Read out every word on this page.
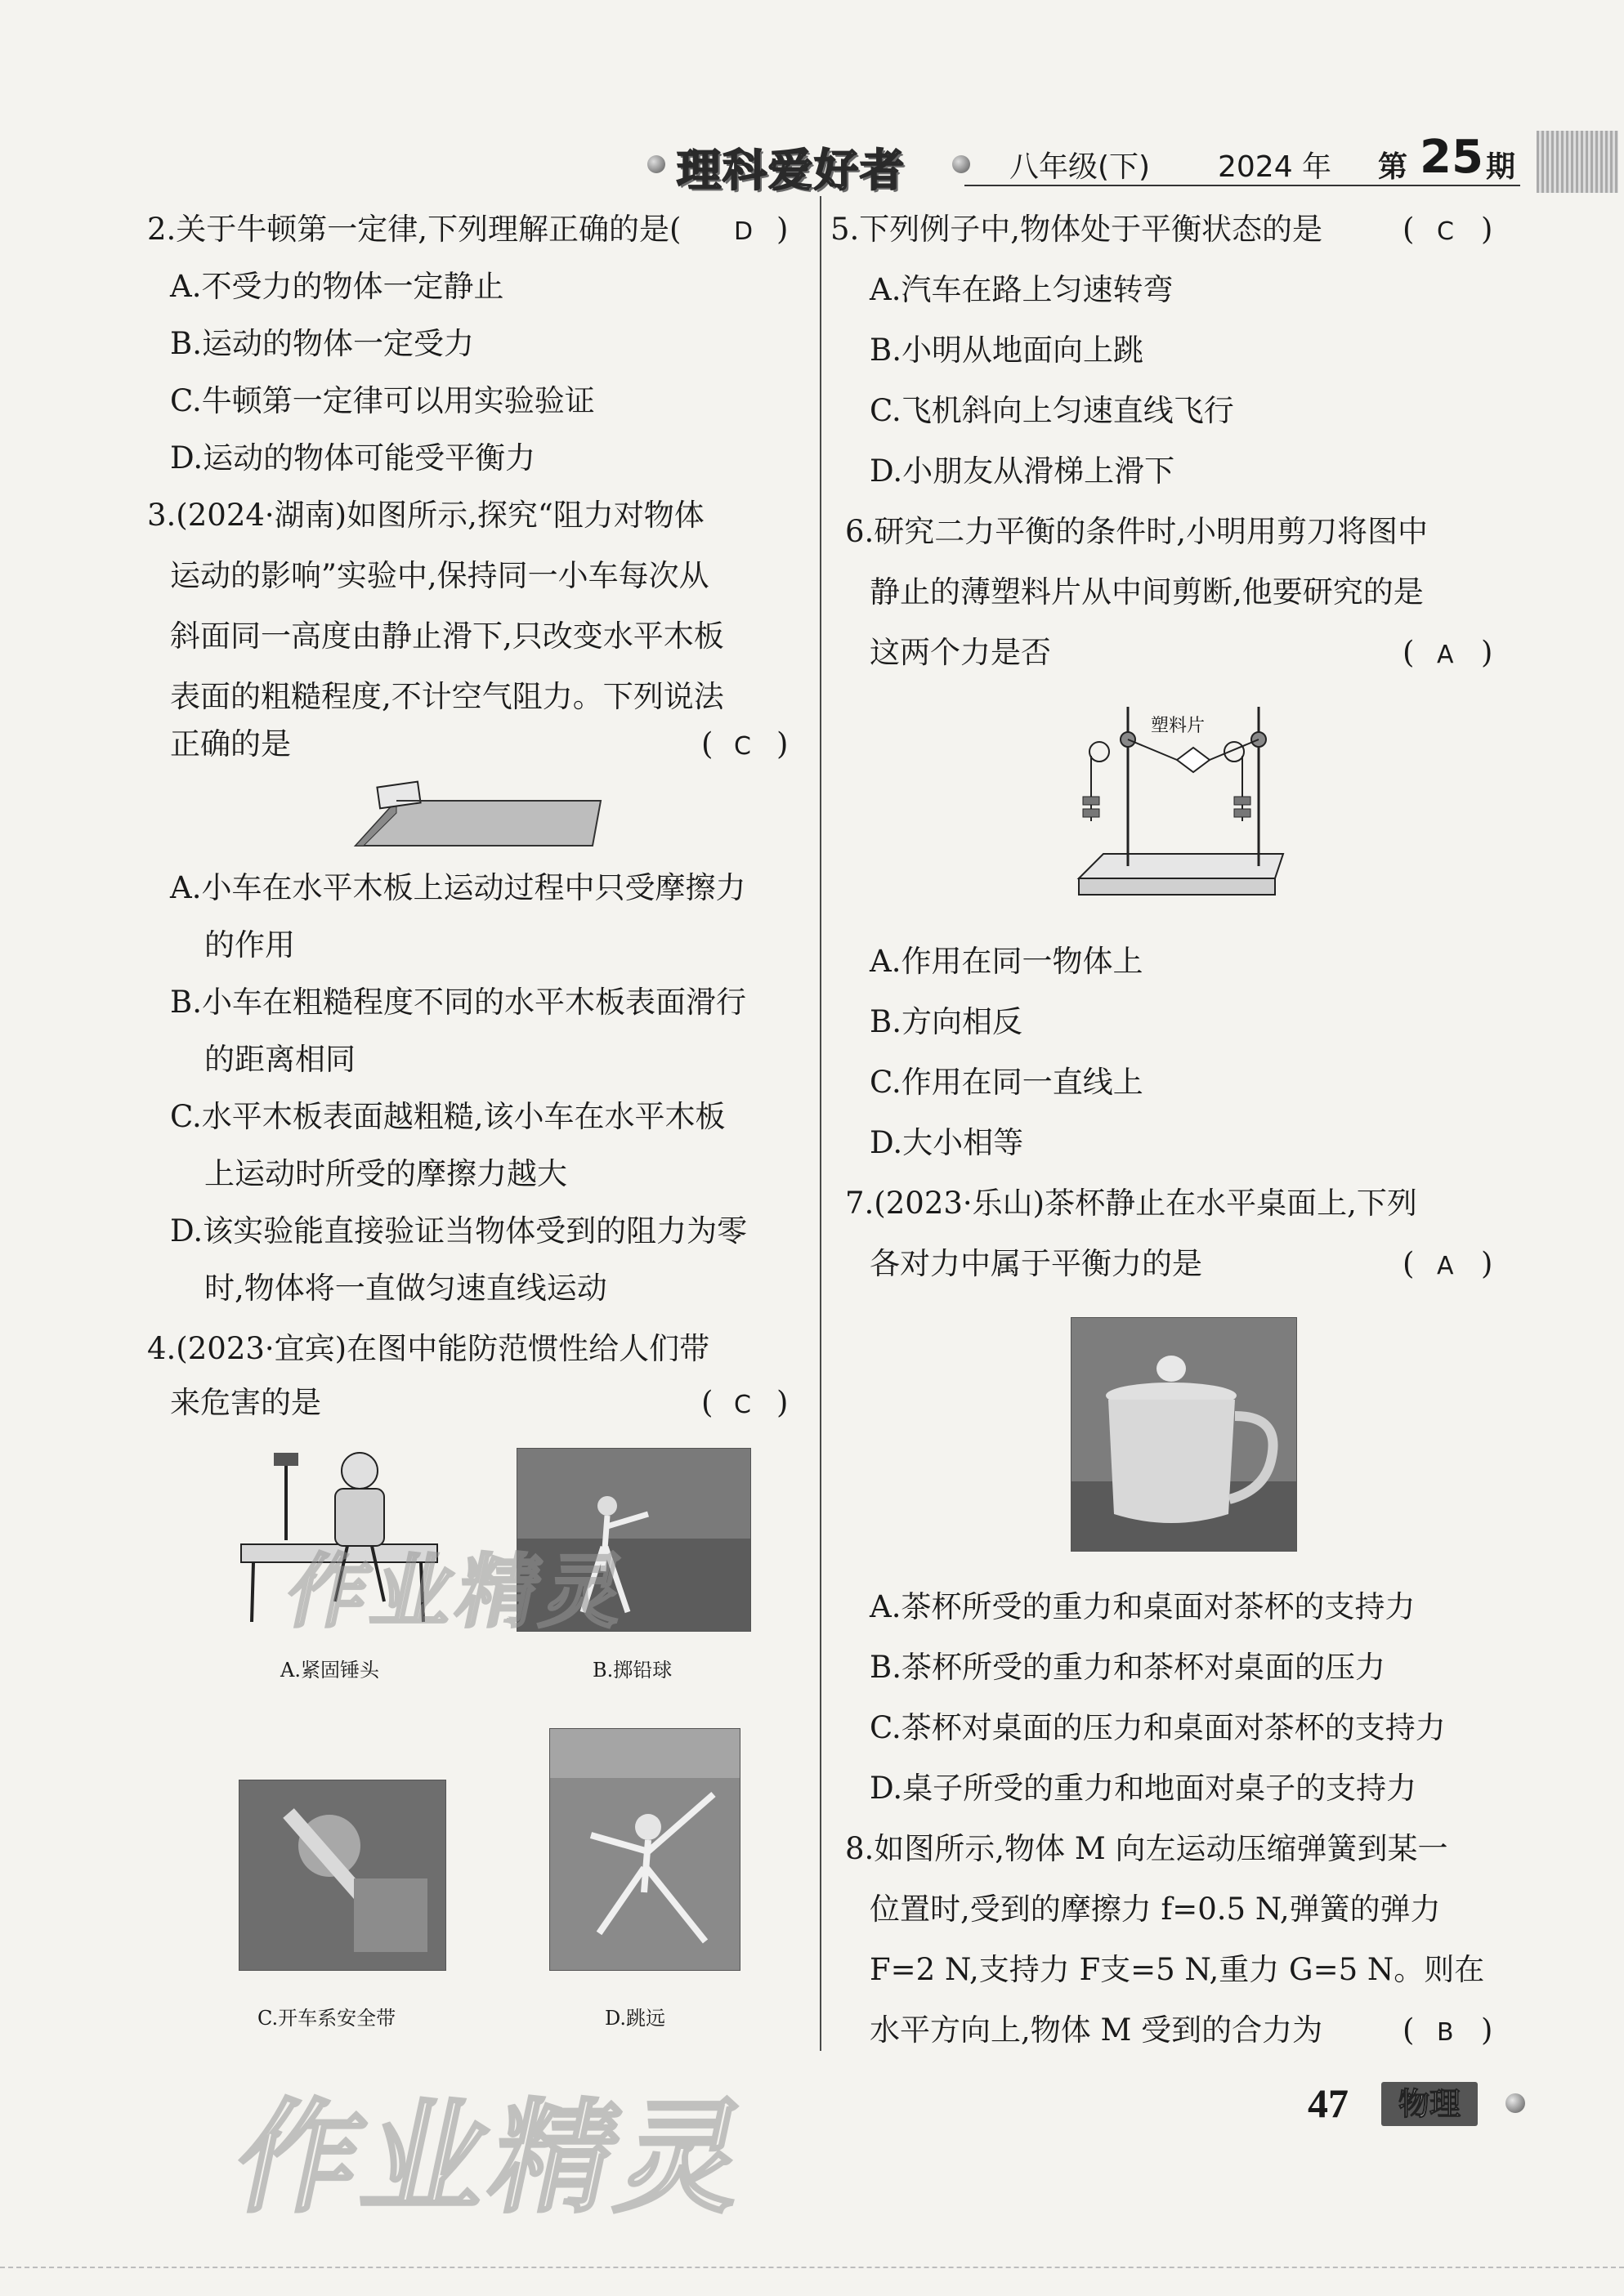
理科爱好者	八年级(下) 2024 年 第 25 期
2.关于牛顿第一定律,下列理解正确的是( D )
A.不受力的物体一定静止
B.运动的物体一定受力
C.牛顿第一定律可以用实验验证
D.运动的物体可能受平衡力
3.(2024·湖南)如图所示,探究“阻力对物体
运动的影响”实验中,保持同一小车每次从
斜面同一高度由静止滑下,只改变水平木板
表面的粗糙程度,不计空气阻力。下列说法
正确的是	( C )
A.小车在水平木板上运动过程中只受摩擦力
的作用
B.小车在粗糙程度不同的水平木板表面滑行
的距离相同
C.水平木板表面越粗糙,该小车在水平木板
上运动时所受的摩擦力越大
D.该实验能直接验证当物体受到的阻力为零
时,物体将一直做匀速直线运动
4.(2023·宜宾)在图中能防范惯性给人们带
来危害的是	( C )
A.紧固锤头	B.掷铅球
C.开车系安全带	D.跳远
5.下列例子中,物体处于平衡状态的是	( C )
A.汽车在路上匀速转弯
B.小明从地面向上跳
C.飞机斜向上匀速直线飞行
D.小朋友从滑梯上滑下
6.研究二力平衡的条件时,小明用剪刀将图中
静止的薄塑料片从中间剪断,他要研究的是
这两个力是否	( A )
塑料片
A.作用在同一物体上
B.方向相反
C.作用在同一直线上
D.大小相等
7.(2023·乐山)茶杯静止在水平桌面上,下列
各对力中属于平衡力的是	( A )
A.茶杯所受的重力和桌面对茶杯的支持力
B.茶杯所受的重力和茶杯对桌面的压力
C.茶杯对桌面的压力和桌面对茶杯的支持力
D.桌子所受的重力和地面对桌子的支持力
8.如图所示,物体 M 向左运动压缩弹簧到某一
位置时,受到的摩擦力 f=0.5 N,弹簧的弹力
F=2 N,支持力 F支=5 N,重力 G=5 N。则在
水平方向上,物体 M 受到的合力为	( B )
作业精灵
作业精灵	47	物理
